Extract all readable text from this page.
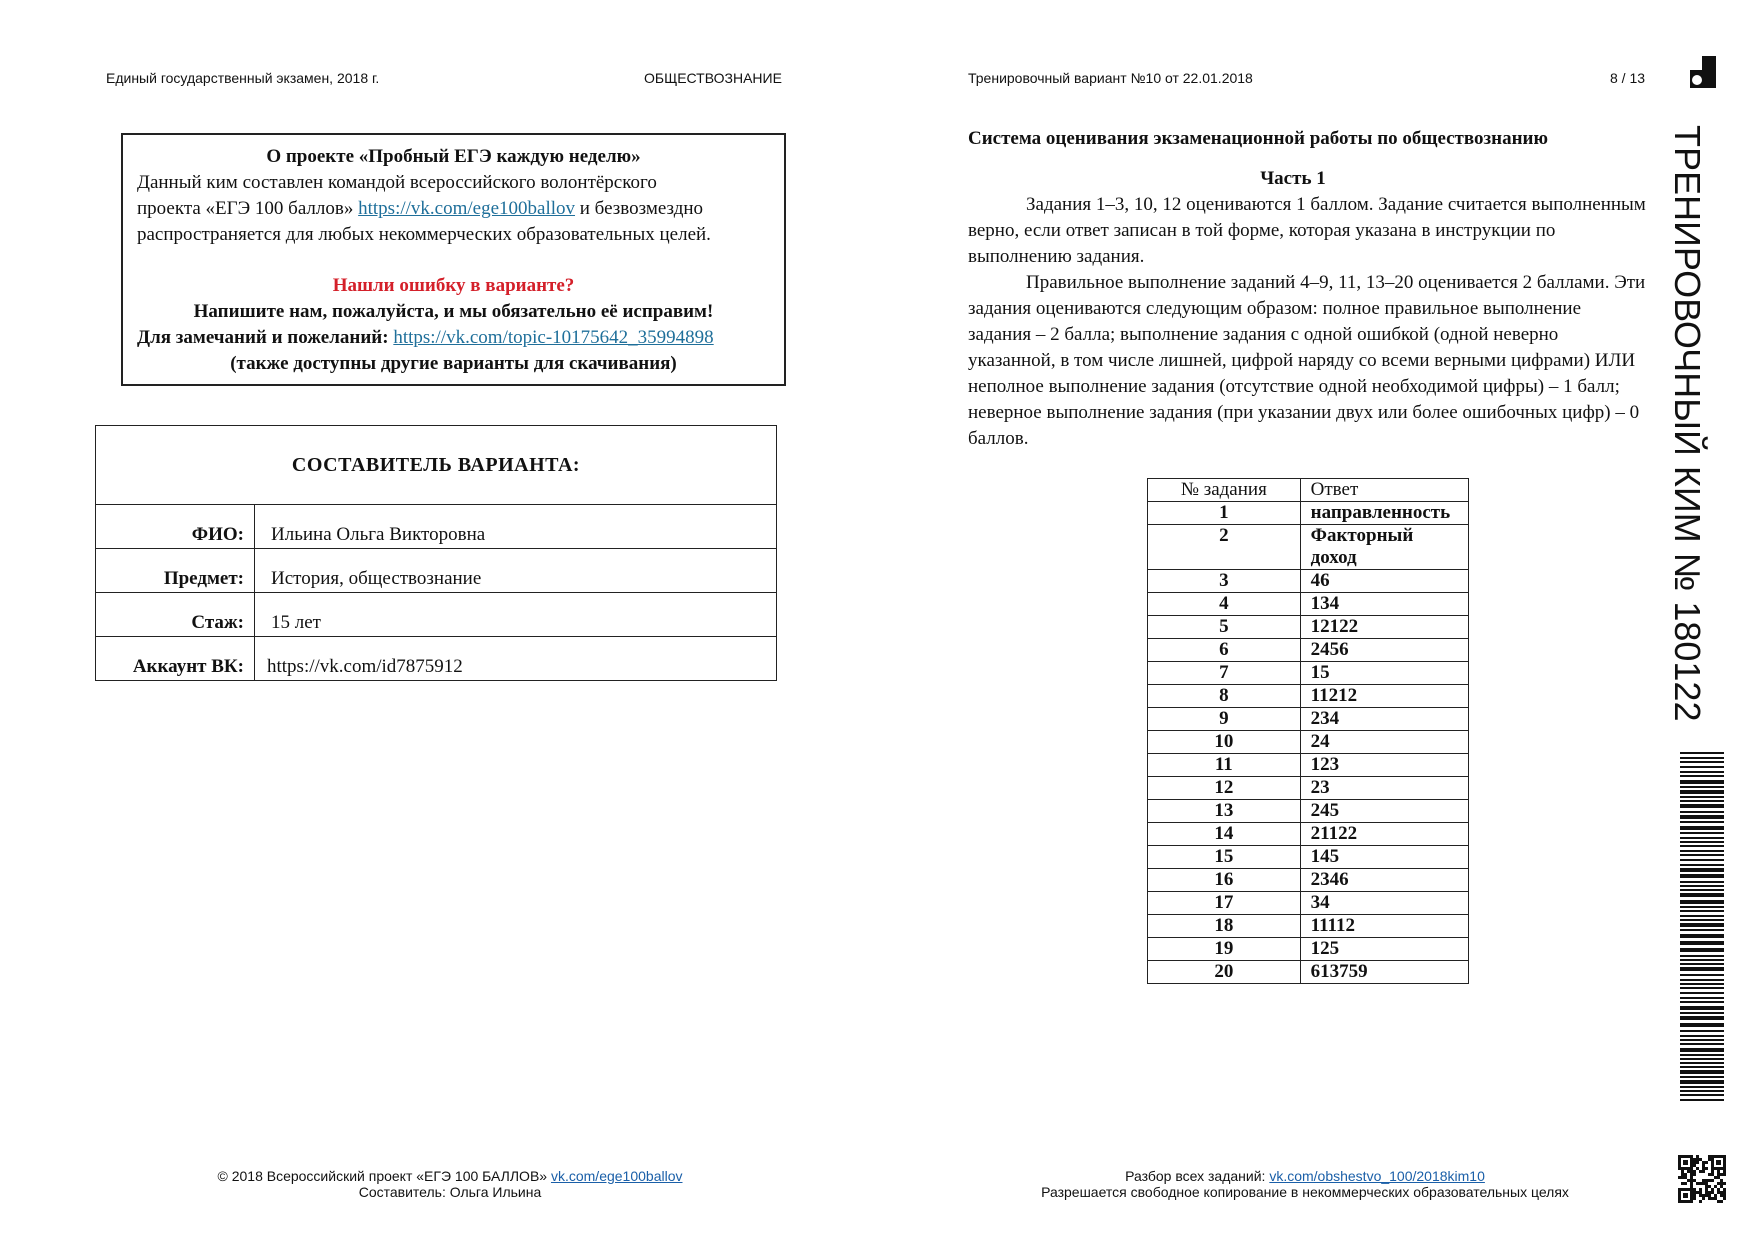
Единый государственный экзамен, 2018 г.	ОБЩЕСТВОЗНАНИЕ	Тренировочный вариант №10 от 22.01.2018	8 / 13
О проекте «Пробный ЕГЭ каждую неделю»
Данный ким составлен командой всероссийского волонтёрского
проекта «ЕГЭ 100 баллов» https://vk.com/ege100ballov и безвозмездно
распространяется для любых некоммерческих образовательных целей.
Нашли ошибку в варианте?
Напишите нам, пожалуйста, и мы обязательно её исправим!
Для замечаний и пожеланий: https://vk.com/topic-10175642_35994898
(также доступны другие варианты для скачивания)
СОСТАВИТЕЛЬ ВАРИАНТА:	
ФИО:	Ильина Ольга Викторовна
Предмет:	История, обществознание
Стаж:	15 лет
Аккаунт ВК:	https://vk.com/id7875912
Система оценивания экзаменационной работы по обществознанию
Часть 1

Задания 1–3, 10, 12 оцениваются 1 баллом. Задание считается выполненным верно, если ответ записан в той форме, которая указана в инструкции по выполнению задания.

Правильное выполнение заданий 4–9, 11, 13–20 оценивается 2 баллами. Эти задания оцениваются следующим образом: полное правильное выполнение задания – 2 балла; выполнение задания с одной ошибкой (одной неверно указанной, в том числе лишней, цифрой наряду со всеми верными цифрами) ИЛИ неполное выполнение задания (отсутствие одной необходимой цифры) – 1 балл; неверное выполнение задания (при указании двух или более ошибочных цифр) – 0 баллов.

№ задания	Ответ
1	направленность
2	Факторный доход
3	46
4	134
5	12122
6	2456
7	15
8	11212
9	234
10	24
11	123
12	23
13	245
14	21122
15	145
16	2346
17	34
18	11112
19	125
20	613759
© 2018 Всероссийский проект «ЕГЭ 100 БАЛЛОВ» vk.com/ege100ballov
Составитель: Ольга Ильина
Разбор всех заданий: vk.com/obshestvo_100/2018kim10
Разрешается свободное копирование в некоммерческих образовательных целях
ТРЕНИРОВОЧНЫЙ КИМ № 180122
